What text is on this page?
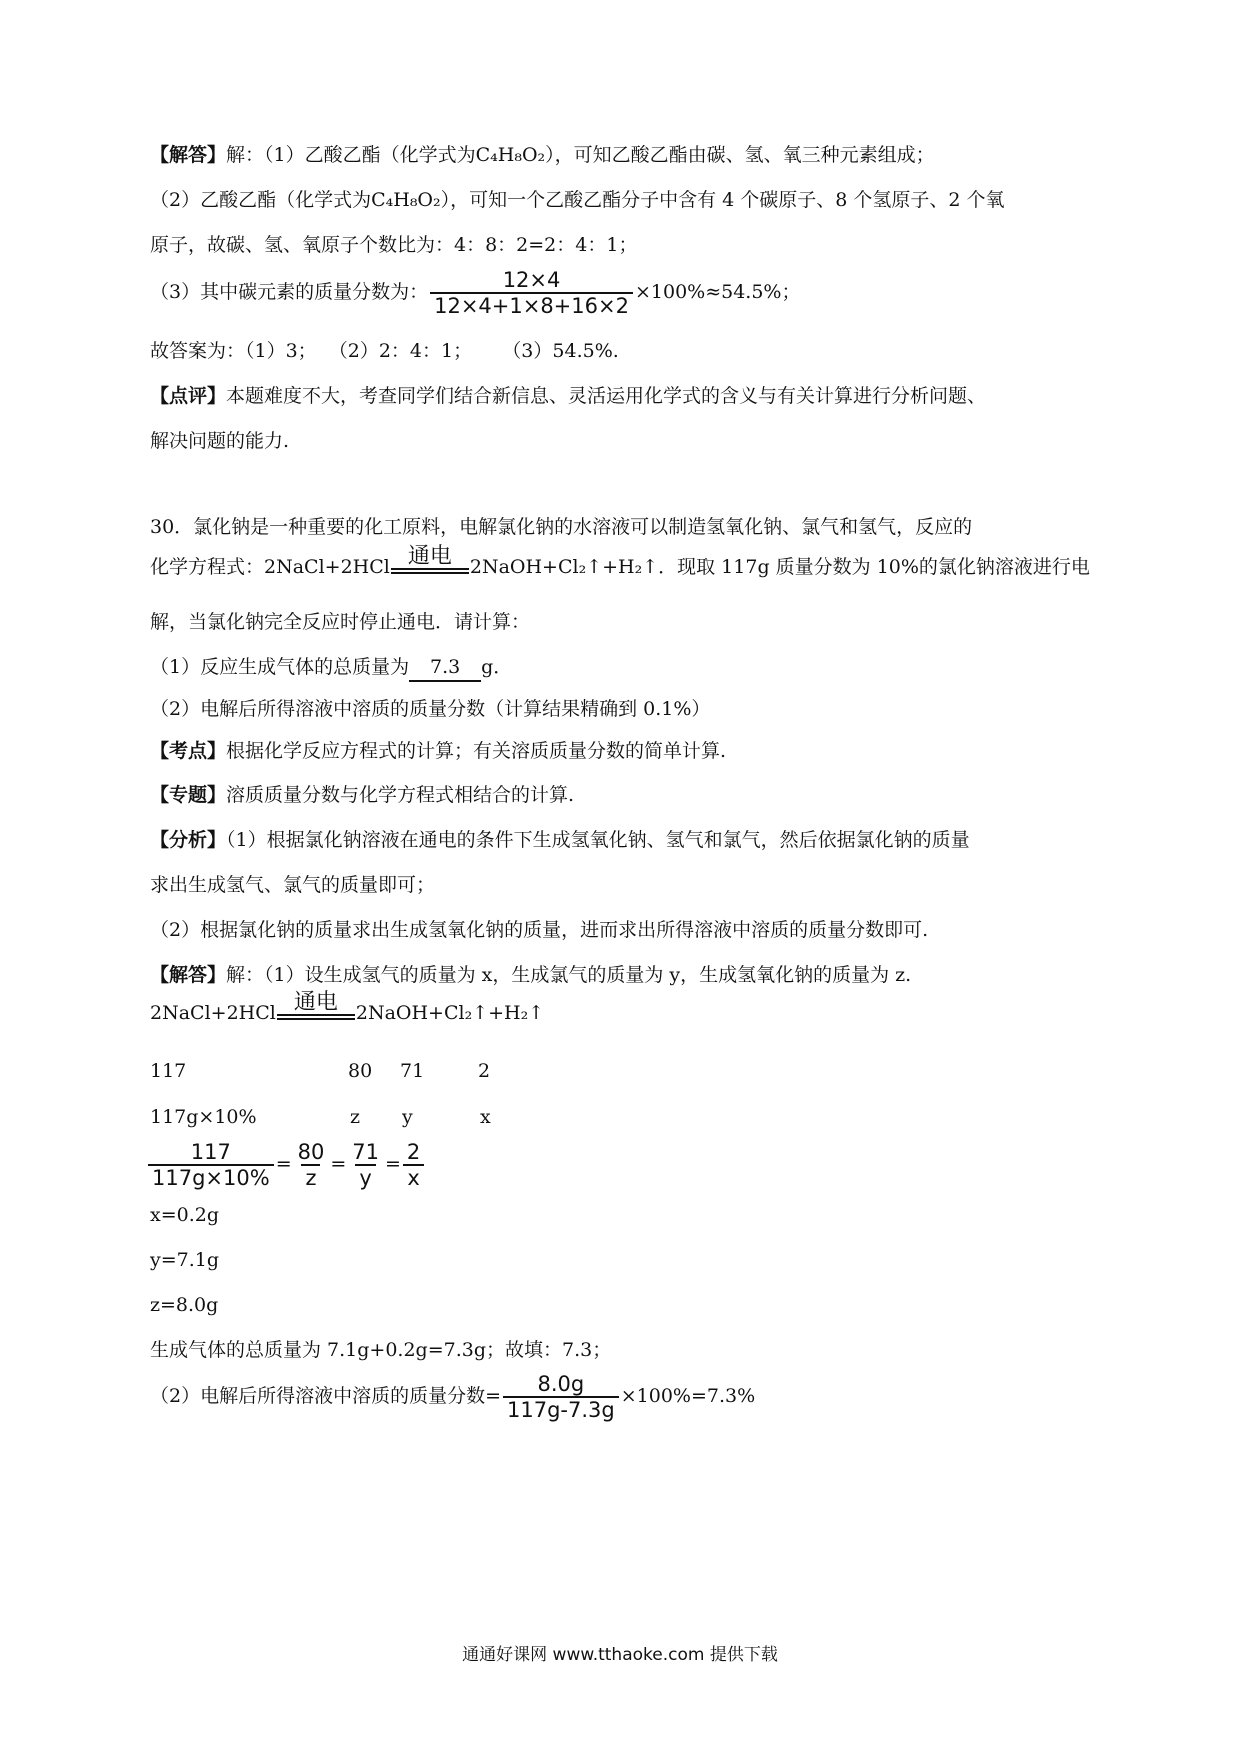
【解答】解：（1）乙酸乙酯（化学式为C₄H₈O₂），可知乙酸乙酯由碳、氢、氧三种元素组成；
（2）乙酸乙酯（化学式为C₄H₈O₂），可知一个乙酸乙酯分子中含有 4 个碳原子、8 个氢原子、2 个氧
原子，故碳、氢、氧原子个数比为：4：8：2=2：4：1；
（3）其中碳元素的质量分数为： $\frac{12\times 4}{12\times 4+1\times 8+16\times 2} \times 100\%\approx 54.5\%$；
故答案为：（1）3；  （2）2：4：1；     （3）54.5%.
【点评】本题难度不大，考查同学们结合新信息、灵活运用化学式的含义与有关计算进行分析问题、
解决问题的能力.
30．氯化钠是一种重要的化工原料，电解氯化钠的水溶液可以制造氢氧化钠、氯气和氢气，反应的
化学方程式：2NaCl+2HCl 通电 2NaOH+Cl₂↑+H₂↑．现取 117g 质量分数为 10%的氯化钠溶液进行电
解，当氯化钠完全反应时停止通电．请计算：
（1）反应生成气体的总质量为 7.3 g．
（2）电解后所得溶液中溶质的质量分数（计算结果精确到 0.1%）
【考点】根据化学反应方程式的计算；有关溶质质量分数的简单计算.
【专题】溶质质量分数与化学方程式相结合的计算.
【分析】（1）根据氯化钠溶液在通电的条件下生成氢氧化钠、氢气和氯气，然后依据氯化钠的质量
求出生成氢气、氯气的质量即可；
（2）根据氯化钠的质量求出生成氢氧化钠的质量，进而求出所得溶液中溶质的质量分数即可.
【解答】解：（1）设生成氢气的质量为 x，生成氯气的质量为 y，生成氢氧化钠的质量为 z.
2NaCl+2HCl 通电 2NaOH+Cl₂↑+H₂↑
117	80 71	2
117g×10%	z y	x
$\frac{117}{117g\times 10\%} = \frac{80}{z} = \frac{71}{y} = \frac{2}{x}$
x=0.2g
y=7.1g
z=8.0g
生成气体的总质量为 7.1g+0.2g=7.3g；故填：7.3；
（2）电解后所得溶液中溶质的质量分数= $\frac{8.0g}{117g-7.3g} \times 100\%=7.3\%$
通通好课网 www.tthaoke.com 提供下载
